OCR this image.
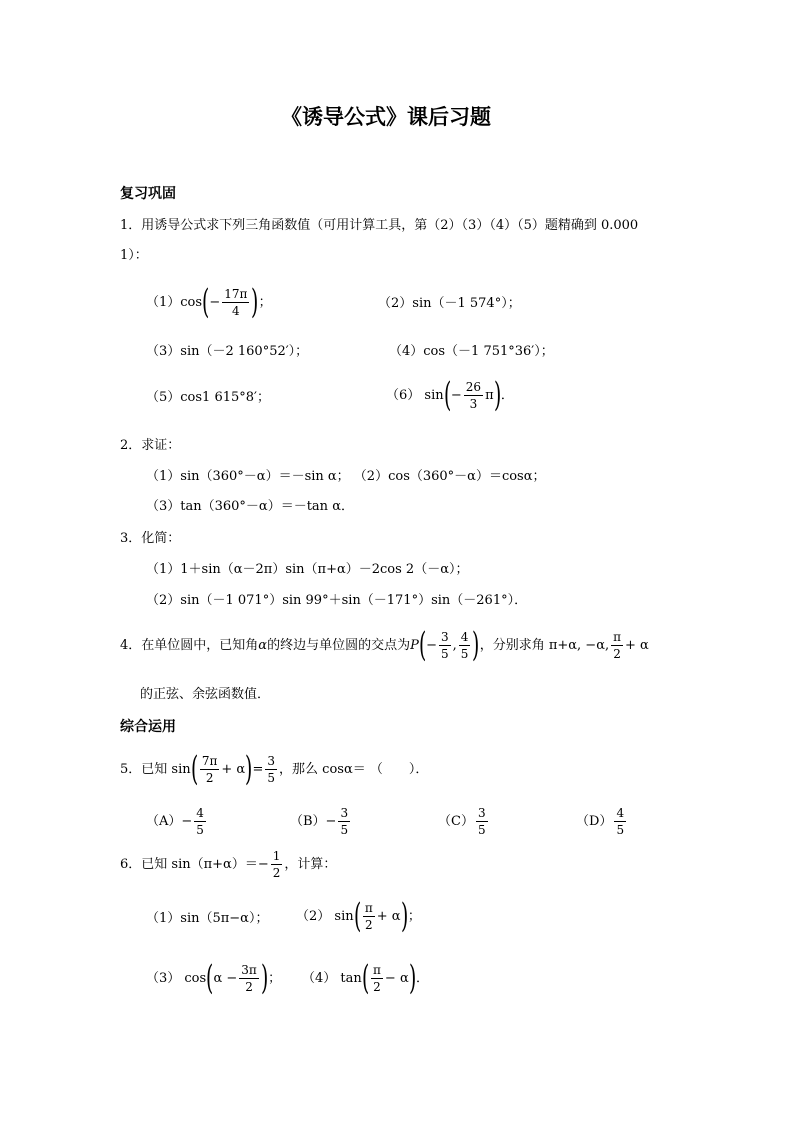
《诱导公式》课后习题
复习巩固
1．用诱导公式求下列三角函数值（可用计算工具，第（2）（3）（4）（5）题精确到 0.000
1）：
（1）cos ( − $\frac{17\pi}{4}$ ) ；	（2）sin（－1 574°）；
（3）sin（－2 160°52′）；	（4）cos（－1 751°36′）；
（5）cos1 615°8′；	（6） sin ( − $\frac{26}{3}$ π ) ．
2．求证：
（1）sin（360°－α）＝－sin α； （2）cos（360°－α）＝cosα；
（3）tan（360°－α）＝－tan α．
3．化简：
（1）1＋sin（α－2π）sin（π+α）－2cos 2（－α）；
（2）sin（－1 071°）sin 99°＋sin（－171°）sin（－261°）．
4．在单位圆中，已知角 α 的终边与单位圆的交点为 P ( − $\frac{3}{5}$ , $\frac{4}{5}$ ) ，分别求角 π+α, −α, $\frac{\pi}{2} + \alpha$
的正弦、余弦函数值．
综合运用
5．已知 sin ( $\frac{7\pi}{2} + \alpha$ ) = $\frac{3}{5}$ ，那么 cosα＝ （　　）．
$(A)- \frac{4}{5}$	$(B)- \frac{3}{5}$	$(C) \frac{3}{5}$	$(D) \frac{4}{5}$
6．已知 $\sin(\pi+\alpha)=- \frac{1}{2}$ ，计算：
（1）sin（5π−α）； （2） sin ( $\frac{\pi}{2} + \alpha$ ) ；
（3） cos ( $\alpha - \frac{3\pi}{2}$ ) ； （4） tan ( $\frac{\pi}{2} - \alpha$ ) ．
